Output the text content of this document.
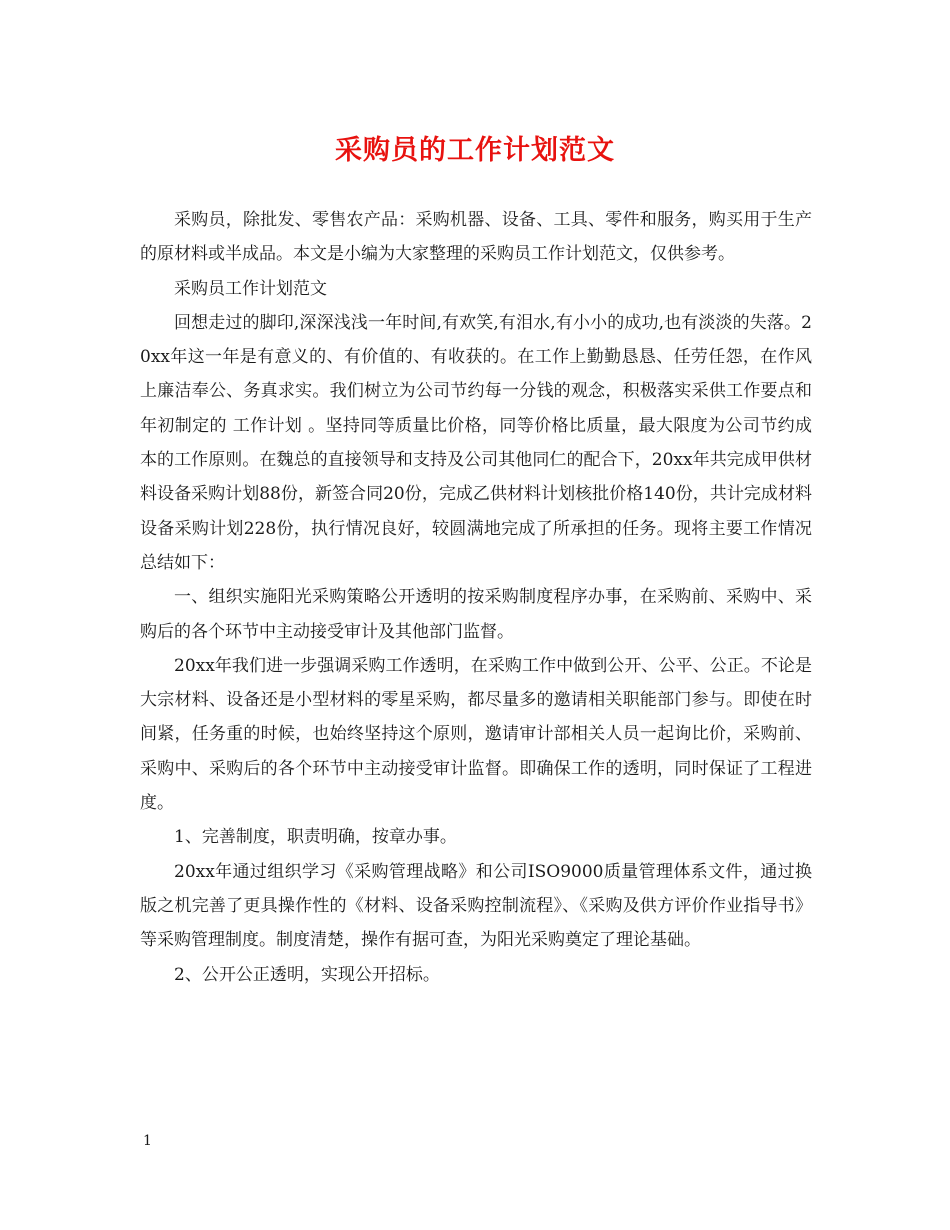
采购员的工作计划范文

采购员，除批发、零售农产品：采购机器、设备、工具、零件和服务，购买用于生产的原材料或半成品。本文是小编为大家整理的采购员工作计划范文，仅供参考。

采购员工作计划范文

回想走过的脚印,深深浅浅一年时间,有欢笑,有泪水,有小小的成功,也有淡淡的失落。20xx年这一年是有意义的、有价值的、有收获的。在工作上勤勤恳恳、任劳任怨，在作风上廉洁奉公、务真求实。我们树立为公司节约每一分钱的观念，积极落实采供工作要点和年初制定的 工作计划 。坚持同等质量比价格，同等价格比质量，最大限度为公司节约成本的工作原则。在魏总的直接领导和支持及公司其他同仁的配合下，20xx年共完成甲供材料设备采购计划88份，新签合同20份，完成乙供材料计划核批价格140份，共计完成材料设备采购计划228份，执行情况良好，较圆满地完成了所承担的任务。现将主要工作情况总结如下：

一、组织实施阳光采购策略公开透明的按采购制度程序办事，在采购前、采购中、采购后的各个环节中主动接受审计及其他部门监督。

20xx年我们进一步强调采购工作透明，在采购工作中做到公开、公平、公正。不论是大宗材料、设备还是小型材料的零星采购，都尽量多的邀请相关职能部门参与。即使在时间紧，任务重的时候，也始终坚持这个原则，邀请审计部相关人员一起询比价，采购前、采购中、采购后的各个环节中主动接受审计监督。即确保工作的透明，同时保证了工程进度。

1、完善制度，职责明确，按章办事。

20xx年通过组织学习《采购管理战略》和公司ISO9000质量管理体系文件，通过换版之机完善了更具操作性的《材料、设备采购控制流程》、《采购及供方评价作业指导书》等采购管理制度。制度清楚，操作有据可查，为阳光采购奠定了理论基础。

2、公开公正透明，实现公开招标。

1
